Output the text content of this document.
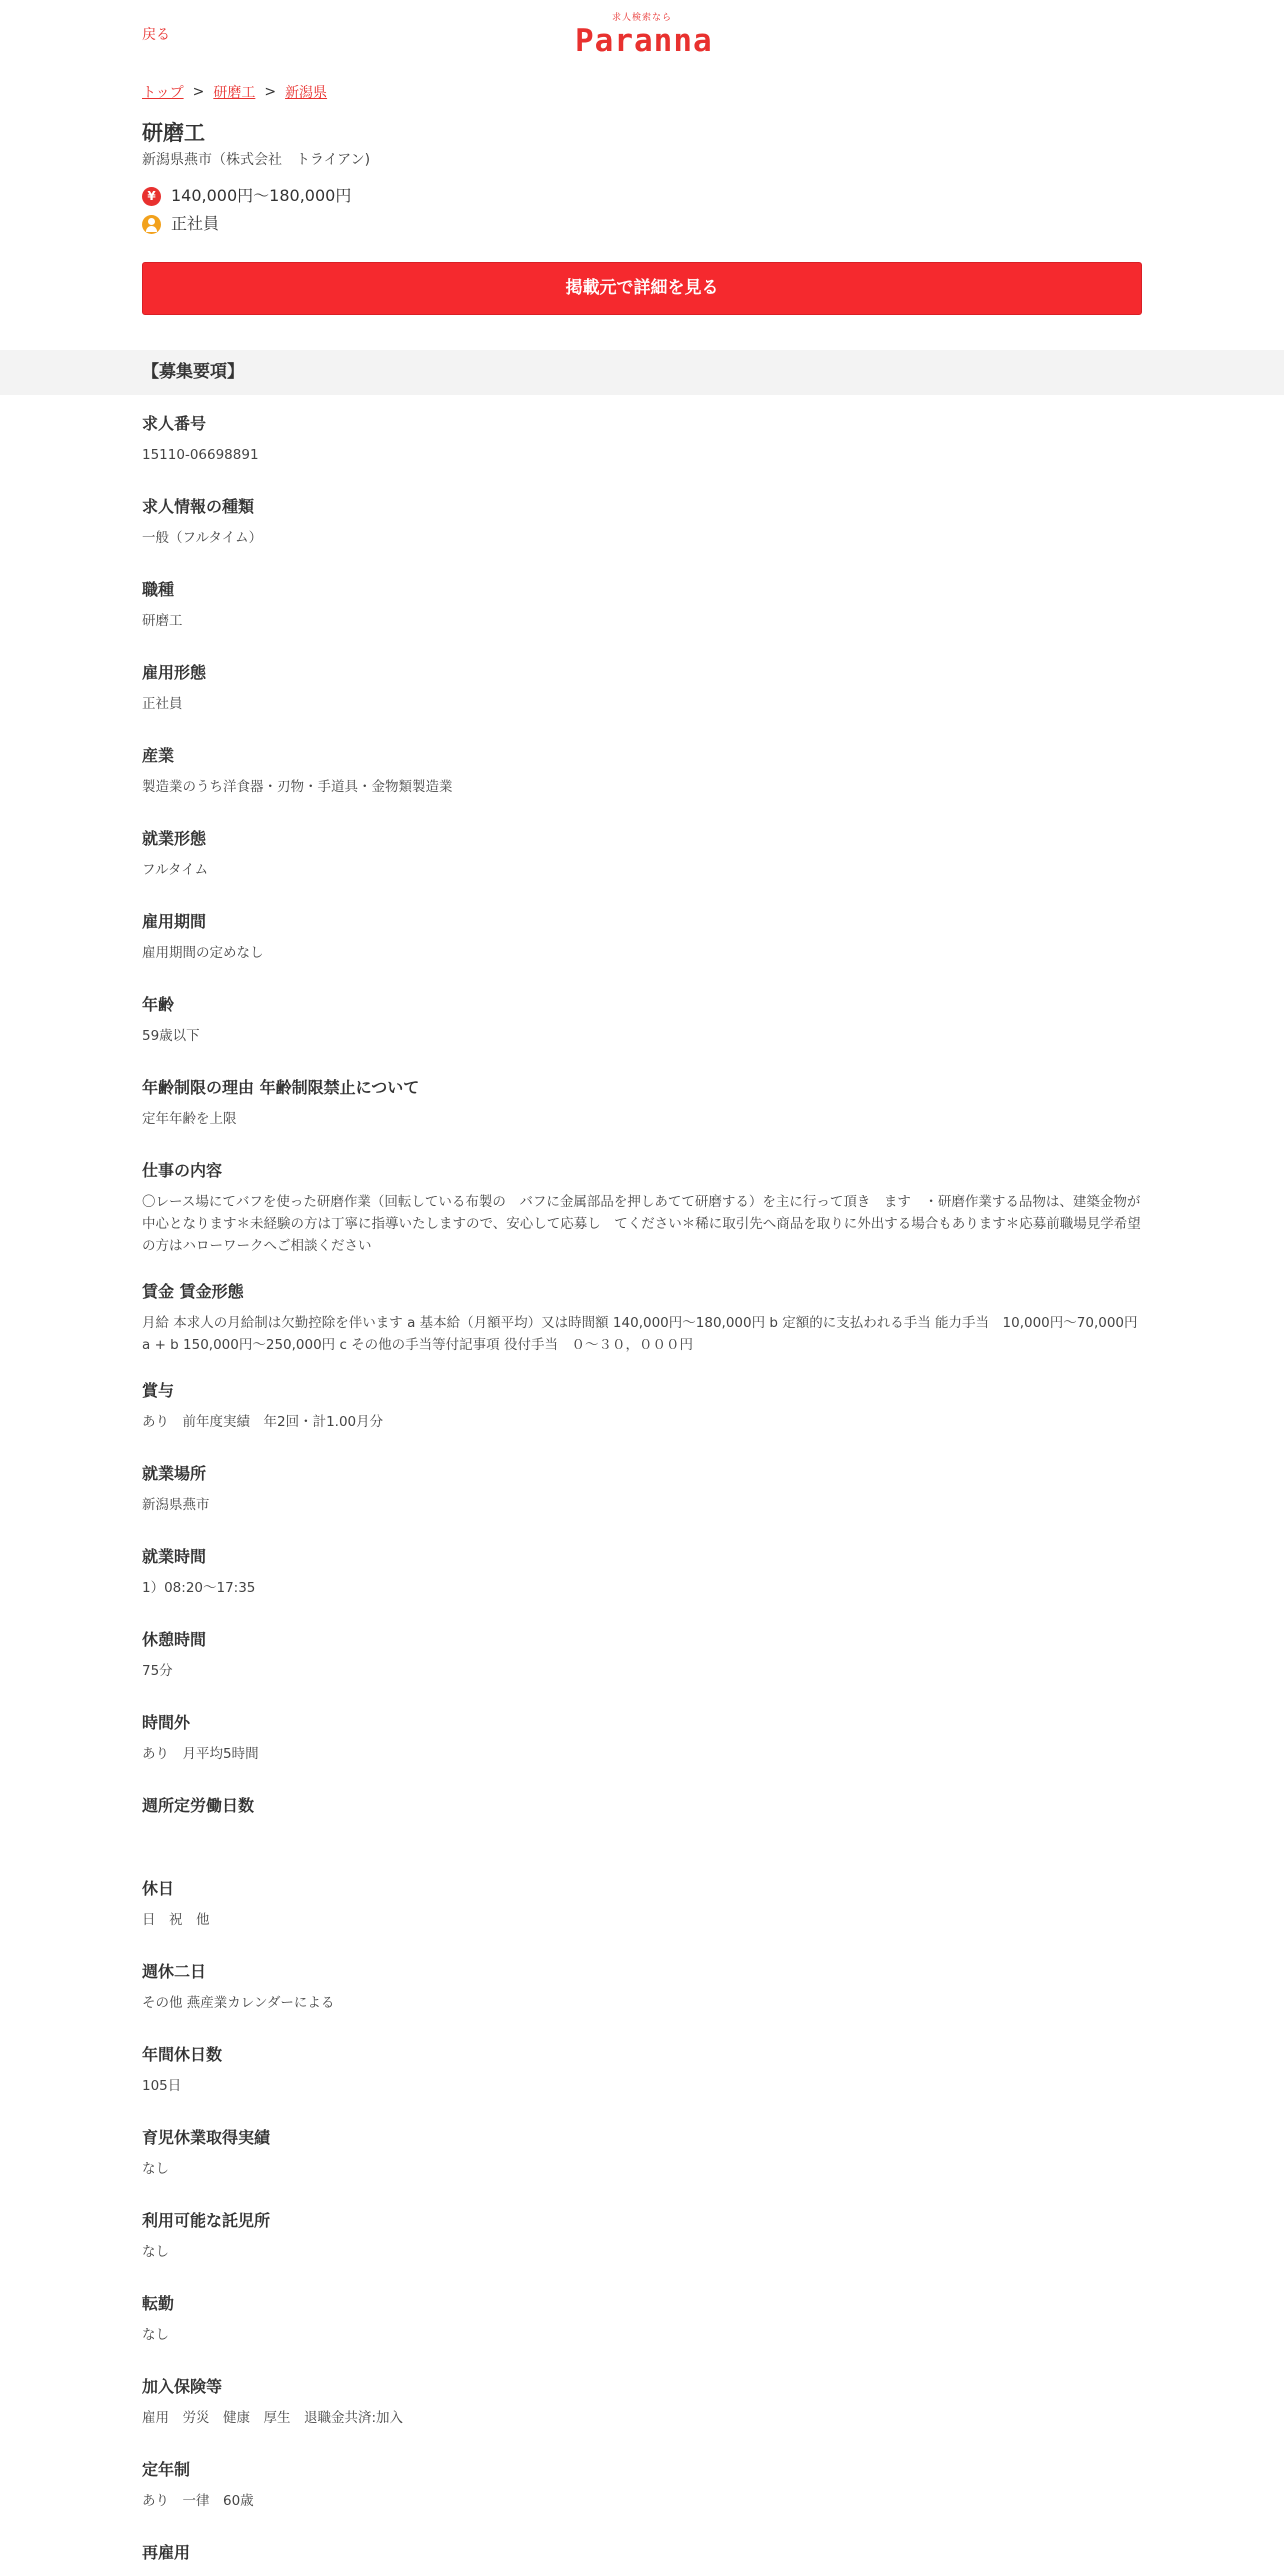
戻る
求人検索なら
Paranna
トップ > 研磨工 > 新潟県
研磨工
新潟県燕市（株式会社　トライアン)
¥ 140,000円～180,000円
正社員
掲載元で詳細を見る
【募集要項】
求人番号
15110-06698891
求人情報の種類
一般（フルタイム）
職種
研磨工
雇用形態
正社員
産業
製造業のうち洋食器・刃物・手道具・金物類製造業
就業形態
フルタイム
雇用期間
雇用期間の定めなし
年齢
59歳以下
年齢制限の理由 年齢制限禁止について
定年年齢を上限
仕事の内容
〇レース場にてバフを使った研磨作業（回転している布製の　バフに金属部品を押しあてて研磨する）を主に行って頂き　ます　・研磨作業する品物は、建築金物が中心となります＊未経験の方は丁寧に指導いたしますので、安心して応募し　てください＊稀に取引先へ商品を取りに外出する場合もあります＊応募前職場見学希望の方はハローワークへご相談ください
賃金 賃金形態
月給 本求人の月給制は欠勤控除を伴います a 基本給（月額平均）又は時間額 140,000円～180,000円 b 定額的に支払われる手当 能力手当　10,000円～70,000円 a + b 150,000円～250,000円 c その他の手当等付記事項 役付手当　０～３０，０００円
賞与
あり　前年度実績　年2回・計1.00月分
就業場所
新潟県燕市
就業時間
1）08:20～17:35
休憩時間
75分
時間外
あり　月平均5時間
週所定労働日数
休日
日　祝　他
週休二日
その他 燕産業カレンダーによる
年間休日数
105日
育児休業取得実績
なし
利用可能な託児所
なし
転勤
なし
加入保険等
雇用　労災　健康　厚生　退職金共済:加入
定年制
あり　一律　60歳
再雇用
